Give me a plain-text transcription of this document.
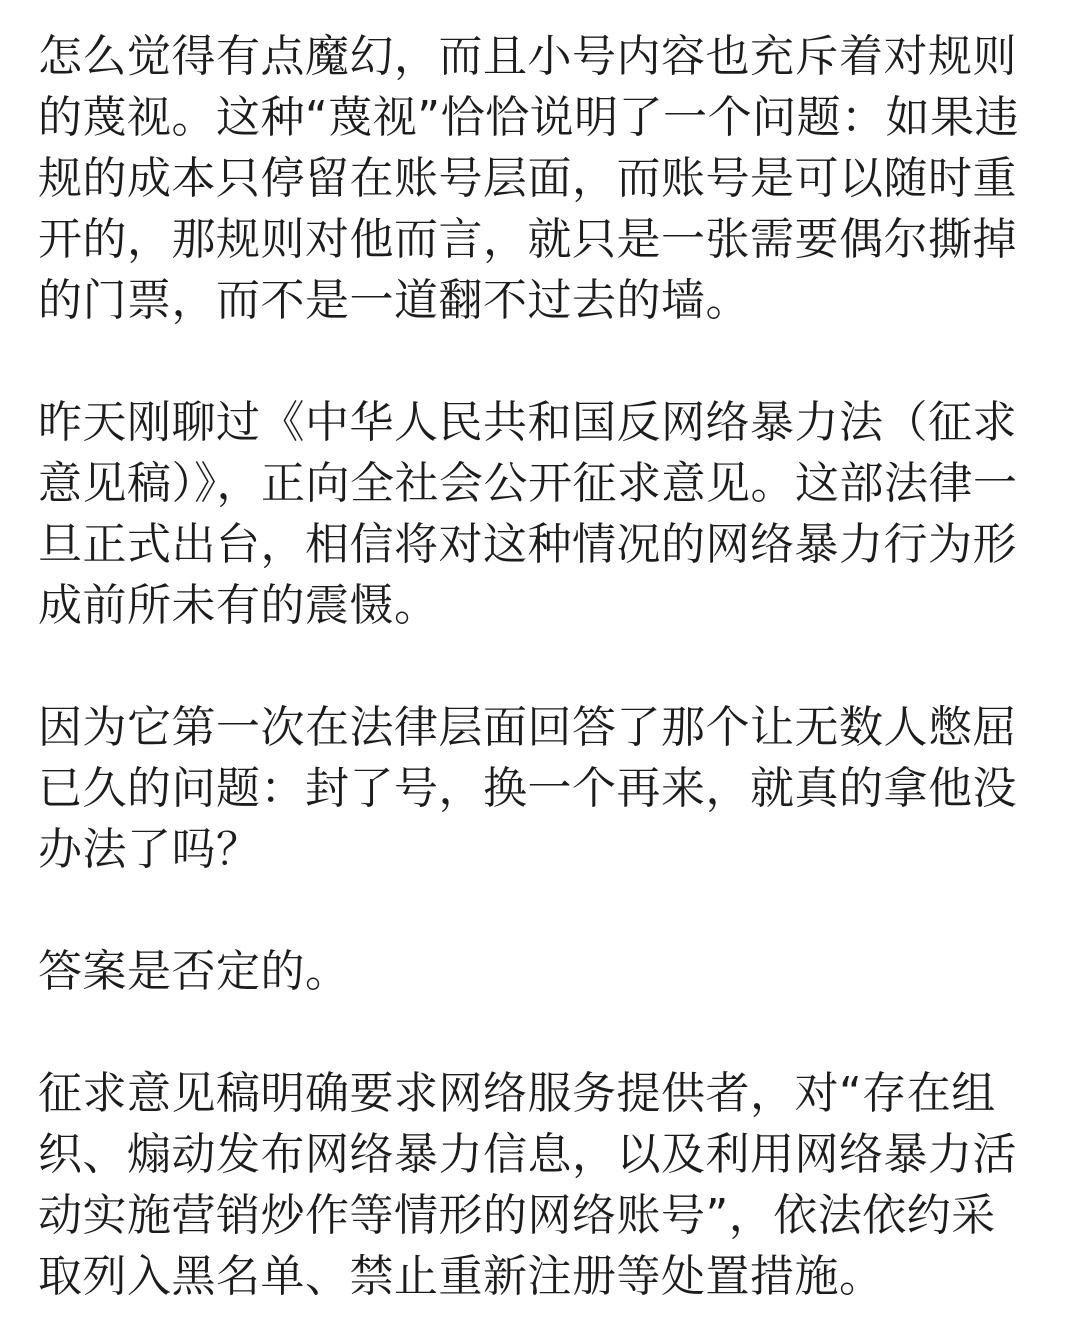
怎么觉得有点魔幻，而且小号内容也充斥着对规则的蔑视。这种“蔑视”恰恰说明了一个问题：如果违规的成本只停留在账号层面，而账号是可以随时重开的，那规则对他而言，就只是一张需要偶尔撕掉的门票，而不是一道翻不过去的墙。

昨天刚聊过《中华人民共和国反网络暴力法（征求意见稿）》，正向全社会公开征求意见。这部法律一旦正式出台，相信将对这种情况的网络暴力行为形成前所未有的震慑。

因为它第一次在法律层面回答了那个让无数人憋屈已久的问题：封了号，换一个再来，就真的拿他没办法了吗？

答案是否定的。

征求意见稿明确要求网络服务提供者，对“存在组织、煽动发布网络暴力信息，以及利用网络暴力活动实施营销炒作等情形的网络账号”，依法依约采取列入黑名单、禁止重新注册等处置措施。
